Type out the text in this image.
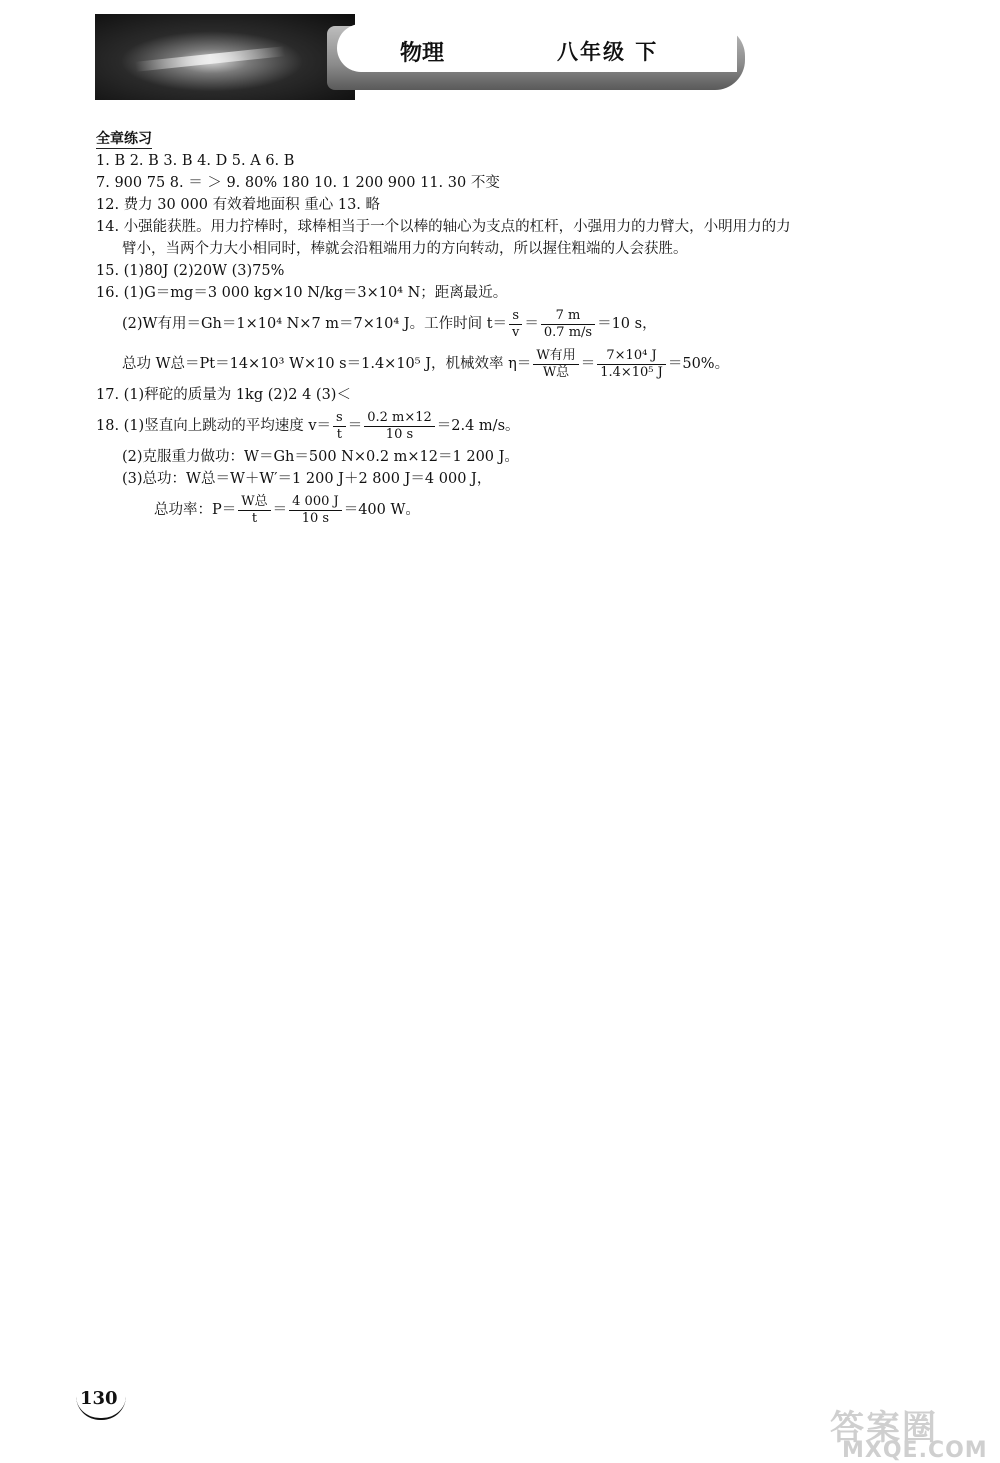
物理	八年级 下
全章练习
1. B 2. B 3. B 4. D 5. A 6. B
7. 900 75 8. ＝ ＞ 9. 80% 180 10. 1 200 900 11. 30 不变
12. 费力 30 000 有效着地面积 重心 13. 略
14. 小强能获胜。用力拧棒时，球棒相当于一个以棒的轴心为支点的杠杆，小强用力的力臂大，小明用力的力
臂小，当两个力大小相同时，棒就会沿粗端用力的方向转动，所以握住粗端的人会获胜。
15. (1)80J (2)20W (3)75%
16. (1)G＝mg＝3 000 kg×10 N/kg＝3×10⁴ N；距离最近。
(2)W有用＝Gh＝1×10⁴ N×7 m＝7×10⁴ J。工作时间 $t= \frac{s}{v} = \frac{7 m}{0.7 m/s} =10$ s，
总功 W总＝Pt＝14×10³ W×10 s＝1.4×10⁵ J，机械效率 $\eta= \frac{\text{W有用}}{\text{W总}} = \frac{\text{7×10⁴ J}}{\text{1.4×10⁵ J}} =50\%$。
17. (1)秤砣的质量为 1kg (2)2 4 (3)＜
18. (1)竖直向上跳动的平均速度 $v= \frac{s}{t} = \frac{0.2 m\times 12}{10 s} =2.4$ m/s。
(2)克服重力做功：W＝Gh＝500 N×0.2 m×12＝1 200 J。
(3)总功：W总＝W＋W′＝1 200 J＋2 800 J＝4 000 J，
总功率：$P= \frac{\text{W总}}{t} = \frac{4 000 J}{10 s} =400$ W。
130
答案圈
MXQE.COM
